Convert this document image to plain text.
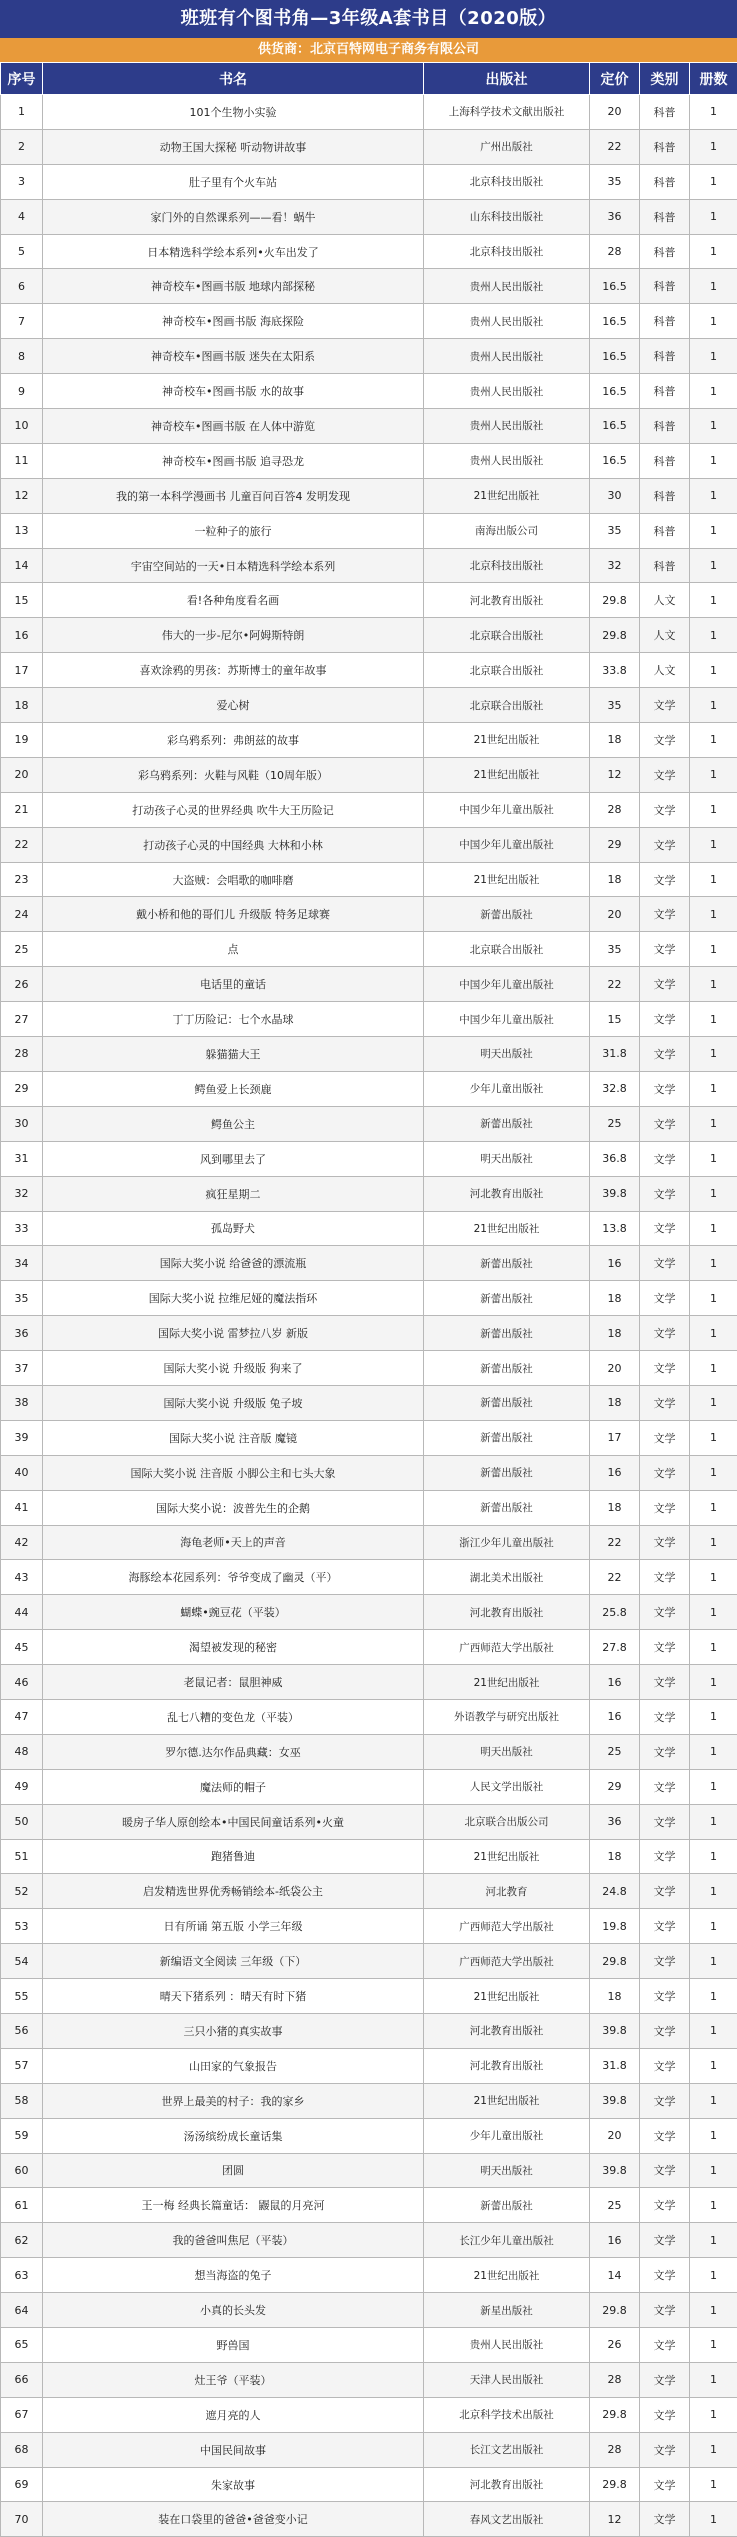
班班有个图书角—3年级A套书目（2020版）
供货商：北京百特网电子商务有限公司
序号	书名	出版社	定价	类别	册数
1	101个生物小实验	上海科学技术文献出版社	20	科普	1
2	动物王国大探秘 听动物讲故事	广州出版社	22	科普	1
3	肚子里有个火车站	北京科技出版社	35	科普	1
4	家门外的自然课系列——看！蜗牛	山东科技出版社	36	科普	1
5	日本精选科学绘本系列•火车出发了	北京科技出版社	28	科普	1
6	神奇校车•图画书版 地球内部探秘	贵州人民出版社	16.5	科普	1
7	神奇校车•图画书版 海底探险	贵州人民出版社	16.5	科普	1
8	神奇校车•图画书版 迷失在太阳系	贵州人民出版社	16.5	科普	1
9	神奇校车•图画书版 水的故事	贵州人民出版社	16.5	科普	1
10	神奇校车•图画书版 在人体中游览	贵州人民出版社	16.5	科普	1
11	神奇校车•图画书版 追寻恐龙	贵州人民出版社	16.5	科普	1
12	我的第一本科学漫画书 儿童百问百答4 发明发现	21世纪出版社	30	科普	1
13	一粒种子的旅行	南海出版公司	35	科普	1
14	宇宙空间站的一天•日本精选科学绘本系列	北京科技出版社	32	科普	1
15	看!各种角度看名画	河北教育出版社	29.8	人文	1
16	伟大的一步-尼尔•阿姆斯特朗	北京联合出版社	29.8	人文	1
17	喜欢涂鸦的男孩：苏斯博士的童年故事	北京联合出版社	33.8	人文	1
18	爱心树	北京联合出版社	35	文学	1
19	彩乌鸦系列：弗朗兹的故事	21世纪出版社	18	文学	1
20	彩乌鸦系列：火鞋与风鞋（10周年版）	21世纪出版社	12	文学	1
21	打动孩子心灵的世界经典 吹牛大王历险记	中国少年儿童出版社	28	文学	1
22	打动孩子心灵的中国经典 大林和小林	中国少年儿童出版社	29	文学	1
23	大盗贼：会唱歌的咖啡磨	21世纪出版社	18	文学	1
24	戴小桥和他的哥们儿 升级版 特务足球赛	新蕾出版社	20	文学	1
25	点	北京联合出版社	35	文学	1
26	电话里的童话	中国少年儿童出版社	22	文学	1
27	丁丁历险记：七个水晶球	中国少年儿童出版社	15	文学	1
28	躲猫猫大王	明天出版社	31.8	文学	1
29	鳄鱼爱上长颈鹿	少年儿童出版社	32.8	文学	1
30	鳄鱼公主	新蕾出版社	25	文学	1
31	风到哪里去了	明天出版社	36.8	文学	1
32	疯狂星期二	河北教育出版社	39.8	文学	1
33	孤岛野犬	21世纪出版社	13.8	文学	1
34	国际大奖小说 给爸爸的漂流瓶	新蕾出版社	16	文学	1
35	国际大奖小说 拉维尼娅的魔法指环	新蕾出版社	18	文学	1
36	国际大奖小说 雷梦拉八岁 新版	新蕾出版社	18	文学	1
37	国际大奖小说 升级版 狗来了	新蕾出版社	20	文学	1
38	国际大奖小说 升级版 兔子坡	新蕾出版社	18	文学	1
39	国际大奖小说 注音版 魔镜	新蕾出版社	17	文学	1
40	国际大奖小说 注音版 小脚公主和七头大象	新蕾出版社	16	文学	1
41	国际大奖小说：波普先生的企鹅	新蕾出版社	18	文学	1
42	海龟老师•天上的声音	浙江少年儿童出版社	22	文学	1
43	海豚绘本花园系列：爷爷变成了幽灵（平）	湖北美术出版社	22	文学	1
44	蝴蝶•豌豆花（平装）	河北教育出版社	25.8	文学	1
45	渴望被发现的秘密	广西师范大学出版社	27.8	文学	1
46	老鼠记者：鼠胆神威	21世纪出版社	16	文学	1
47	乱七八糟的变色龙（平装）	外语教学与研究出版社	16	文学	1
48	罗尔德.达尔作品典藏：女巫	明天出版社	25	文学	1
49	魔法师的帽子	人民文学出版社	29	文学	1
50	暖房子华人原创绘本•中国民间童话系列•火童	北京联合出版公司	36	文学	1
51	跑猪鲁迪	21世纪出版社	18	文学	1
52	启发精选世界优秀畅销绘本-纸袋公主	河北教育	24.8	文学	1
53	日有所诵 第五版 小学三年级	广西师范大学出版社	19.8	文学	1
54	新编语文全阅读 三年级（下）	广西师范大学出版社	29.8	文学	1
55	晴天下猪系列 ：晴天有时下猪	21世纪出版社	18	文学	1
56	三只小猪的真实故事	河北教育出版社	39.8	文学	1
57	山田家的气象报告	河北教育出版社	31.8	文学	1
58	世界上最美的村子：我的家乡	21世纪出版社	39.8	文学	1
59	汤汤缤纷成长童话集	少年儿童出版社	20	文学	1
60	团圆	明天出版社	39.8	文学	1
61	王一梅 经典长篇童话： 鼹鼠的月亮河	新蕾出版社	25	文学	1
62	我的爸爸叫焦尼（平装）	长江少年儿童出版社	16	文学	1
63	想当海盗的兔子	21世纪出版社	14	文学	1
64	小真的长头发	新星出版社	29.8	文学	1
65	野兽国	贵州人民出版社	26	文学	1
66	灶王爷（平装）	天津人民出版社	28	文学	1
67	遮月亮的人	北京科学技术出版社	29.8	文学	1
68	中国民间故事	长江文艺出版社	28	文学	1
69	朱家故事	河北教育出版社	29.8	文学	1
70	装在口袋里的爸爸•爸爸变小记	春风文艺出版社	12	文学	1
